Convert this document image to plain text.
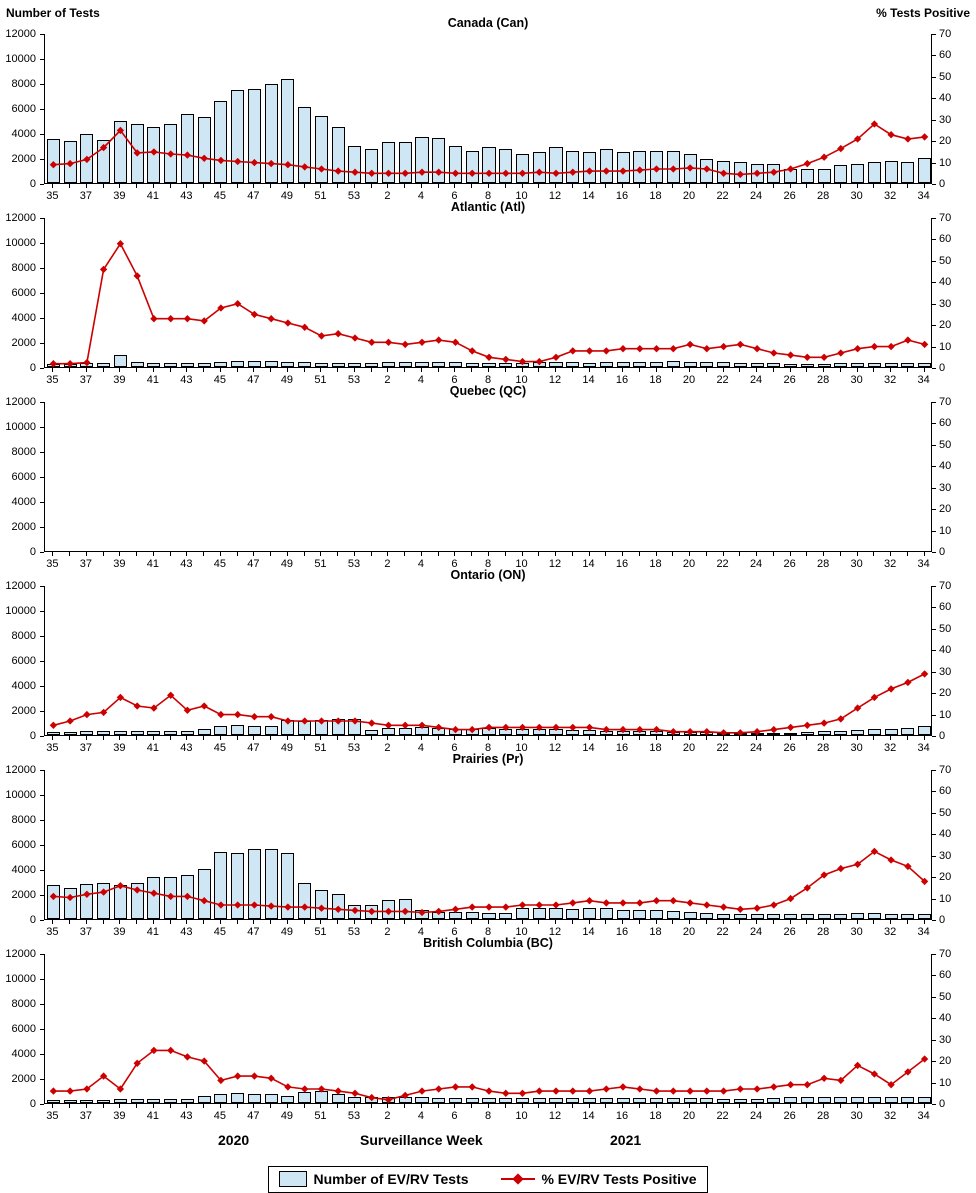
Number of Tests	% Tests Positive
Canada (Can)
0
2000
4000
6000
8000
10000
12000
0
10
20
30
40
50
60
70
35	37	39	41	43	45	47	49	51	53	2	4	6	8	10	12	14	16	18	20	22	24	26	28	30	32	34
Atlantic (Atl)
0
2000
4000
6000
8000
10000
12000
0
10
20
30
40
50
60
70
35	37	39	41	43	45	47	49	51	53	2	4	6	8	10	12	14	16	18	20	22	24	26	28	30	32	34
Quebec (QC)
0
2000
4000
6000
8000
10000
12000
0
10
20
30
40
50
60
70
35	37	39	41	43	45	47	49	51	53	2	4	6	8	10	12	14	16	18	20	22	24	26	28	30	32	34
Ontario (ON)
0
2000
4000
6000
8000
10000
12000
0
10
20
30
40
50
60
70
35	37	39	41	43	45	47	49	51	53	2	4	6	8	10	12	14	16	18	20	22	24	26	28	30	32	34
Prairies (Pr)
0
2000
4000
6000
8000
10000
12000
0
10
20
30
40
50
60
70
35	37	39	41	43	45	47	49	51	53	2	4	6	8	10	12	14	16	18	20	22	24	26	28	30	32	34
British Columbia (BC)
0
2000
4000
6000
8000
10000
12000
0
10
20
30
40
50
60
70
35	37	39	41	43	45	47	49	51	53	2	4	6	8	10	12	14	16	18	20	22	24	26	28	30	32	34
2020	Surveillance Week	2021
Number of EV/RV Tests
	% EV/RV Tests Positive
